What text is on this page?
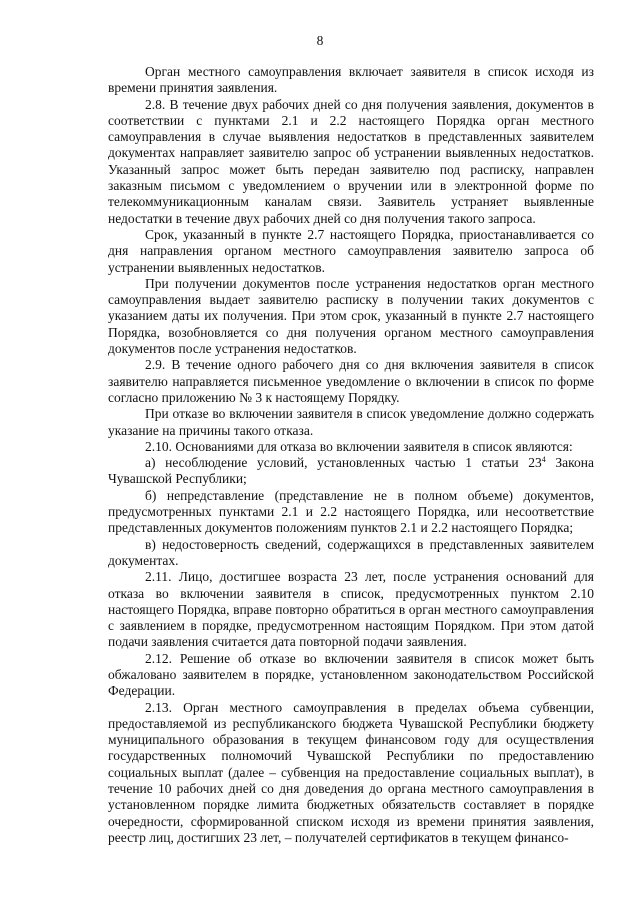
8

Орган местного самоуправления включает заявителя в список исходя из времени принятия заявления.

2.8. В течение двух рабочих дней со дня получения заявления, документов в соответствии с пунктами 2.1 и 2.2 настоящего Порядка орган местного самоуправления в случае выявления недостатков в представленных заявителем документах направляет заявителю запрос об устранении выявленных недостатков. Указанный запрос может быть передан заявителю под расписку, направлен заказным письмом с уведомлением о вручении или в электронной форме по телекоммуникационным каналам связи. Заявитель устраняет выявленные недостатки в течение двух рабочих дней со дня получения такого запроса.

Срок, указанный в пункте 2.7 настоящего Порядка, приостанавливается со дня направления органом местного самоуправления заявителю запроса об устранении выявленных недостатков.

При получении документов после устранения недостатков орган местного самоуправления выдает заявителю расписку в получении таких документов с указанием даты их получения. При этом срок, указанный в пункте 2.7 настоящего Порядка, возобновляется со дня получения органом местного самоуправления документов после устранения недостатков.

2.9. В течение одного рабочего дня со дня включения заявителя в список заявителю направляется письменное уведомление о включении в список по форме согласно приложению № 3 к настоящему Порядку.

При отказе во включении заявителя в список уведомление должно содержать указание на причины такого отказа.

2.10. Основаниями для отказа во включении заявителя в список являются:

а) несоблюдение условий, установленных частью 1 статьи $23^4$ Закона Чувашской Республики;

б) непредставление (представление не в полном объеме) документов, предусмотренных пунктами 2.1 и 2.2 настоящего Порядка, или несоответствие представленных документов положениям пунктов 2.1 и 2.2 настоящего Порядка;

в) недостоверность сведений, содержащихся в представленных заявителем документах.

2.11. Лицо, достигшее возраста 23 лет, после устранения оснований для отказа во включении заявителя в список, предусмотренных пунктом 2.10 настоящего Порядка, вправе повторно обратиться в орган местного самоуправления с заявлением в порядке, предусмотренном настоящим Порядком. При этом датой подачи заявления считается дата повторной подачи заявления.

2.12. Решение об отказе во включении заявителя в список может быть обжаловано заявителем в порядке, установленном законодательством Российской Федерации.

2.13. Орган местного самоуправления в пределах объема субвенции, предоставляемой из республиканского бюджета Чувашской Республики бюджету муниципального образования в текущем финансовом году для осуществления государственных полномочий Чувашской Республики по предоставлению социальных выплат (далее – субвенция на предоставление социальных выплат), в течение 10 рабочих дней со дня доведения до органа местного самоуправления в установленном порядке лимита бюджетных обязательств составляет в порядке очередности, сформированной списком исходя из времени принятия заявления, реестр лиц, достигших 23 лет, – получателей сертификатов в текущем финансо-
